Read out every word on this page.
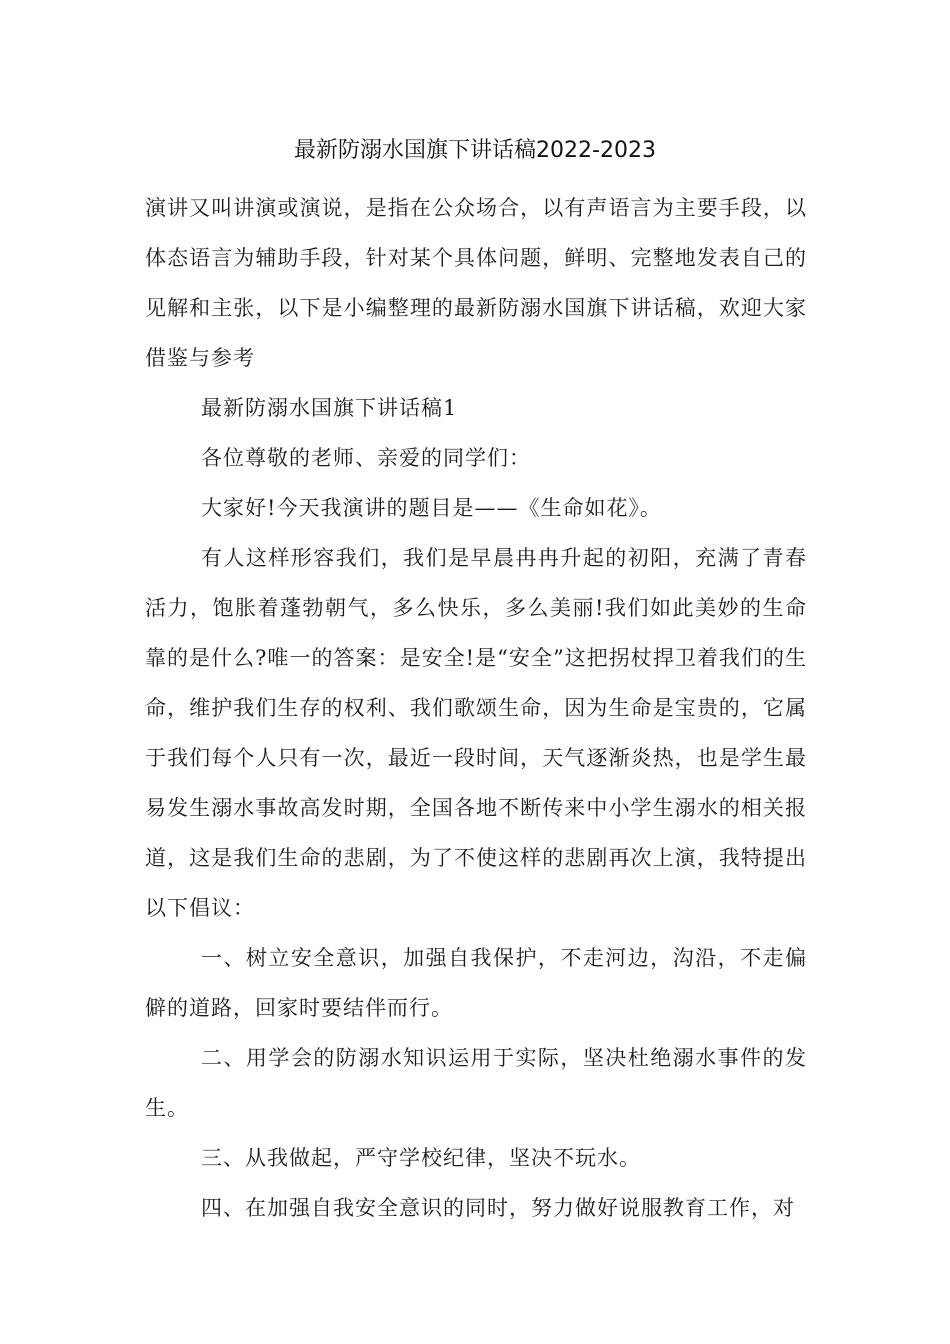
最新防溺水国旗下讲话稿2022-2023

演讲又叫讲演或演说，是指在公众场合，以有声语言为主要手段，以体态语言为辅助手段，针对某个具体问题，鲜明、完整地发表自己的见解和主张，以下是小编整理的最新防溺水国旗下讲话稿，欢迎大家借鉴与参考

最新防溺水国旗下讲话稿1

各位尊敬的老师、亲爱的同学们：

大家好!今天我演讲的题目是——《生命如花》。

有人这样形容我们，我们是早晨冉冉升起的初阳，充满了青春活力，饱胀着蓬勃朝气，多么快乐，多么美丽!我们如此美妙的生命靠的是什么?唯一的答案：是安全!是“安全”这把拐杖捍卫着我们的生命，维护我们生存的权利、我们歌颂生命，因为生命是宝贵的，它属于我们每个人只有一次，最近一段时间，天气逐渐炎热，也是学生最易发生溺水事故高发时期，全国各地不断传来中小学生溺水的相关报道，这是我们生命的悲剧，为了不使这样的悲剧再次上演，我特提出以下倡议：

一、树立安全意识，加强自我保护，不走河边，沟沿，不走偏僻的道路，回家时要结伴而行。

二、用学会的防溺水知识运用于实际，坚决杜绝溺水事件的发生。

三、从我做起，严守学校纪律，坚决不玩水。

四、在加强自我安全意识的同时，努力做好说服教育工作，对
